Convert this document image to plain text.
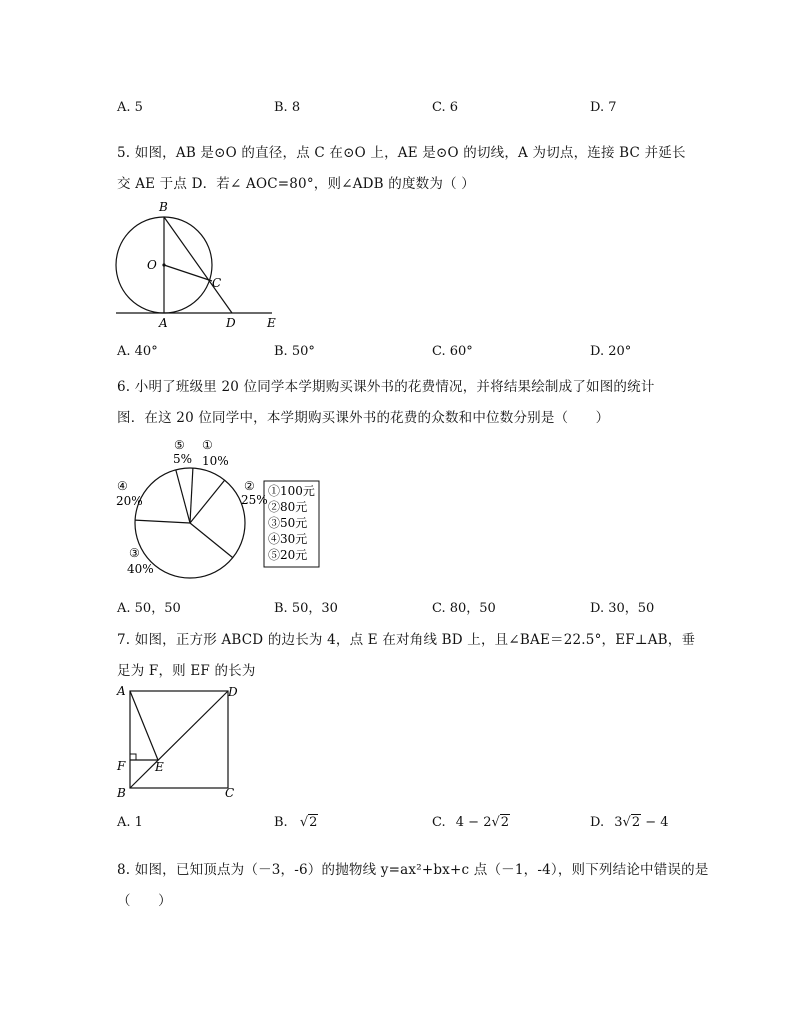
A. 5	B. 8	C. 6	D. 7
5. 如图，AB 是⊙O 的直径，点 C 在⊙O 上，AE 是⊙O 的切线，A 为切点，连接 BC 并延长
交 AE 于点 D．若∠ AOC=80°，则∠ADB 的度数为（ ）
B
O
C
A	D	E
A. 40°	B. 50°	C. 60°	D. 20°
6. 小明了班级里 20 位同学本学期购买课外书的花费情况，并将结果绘制成了如图的统计
图．在这 20 位同学中，本学期购买课外书的花费的众数和中位数分别是（　　）
⑤
5%
①
10%
②
25%
④
20%
③
40%
①100元
②80元
③50元
④30元
⑤20元
A. 50，50	B. 50，30	C. 80，50	D. 30，50
7. 如图，正方形 ABCD 的边长为 4，点 E 在对角线 BD 上，且∠BAE＝22.5°，EF⊥AB，垂
足为 F，则 EF 的长为
A	D
F E
B	C
A. 1	B. √2	C. 4 − 2√2	D. 3√2 − 4
8. 如图，已知顶点为（－3，-6）的抛物线 y=ax²+bx+c 点（－1，-4），则下列结论中错误的是
（　　）
